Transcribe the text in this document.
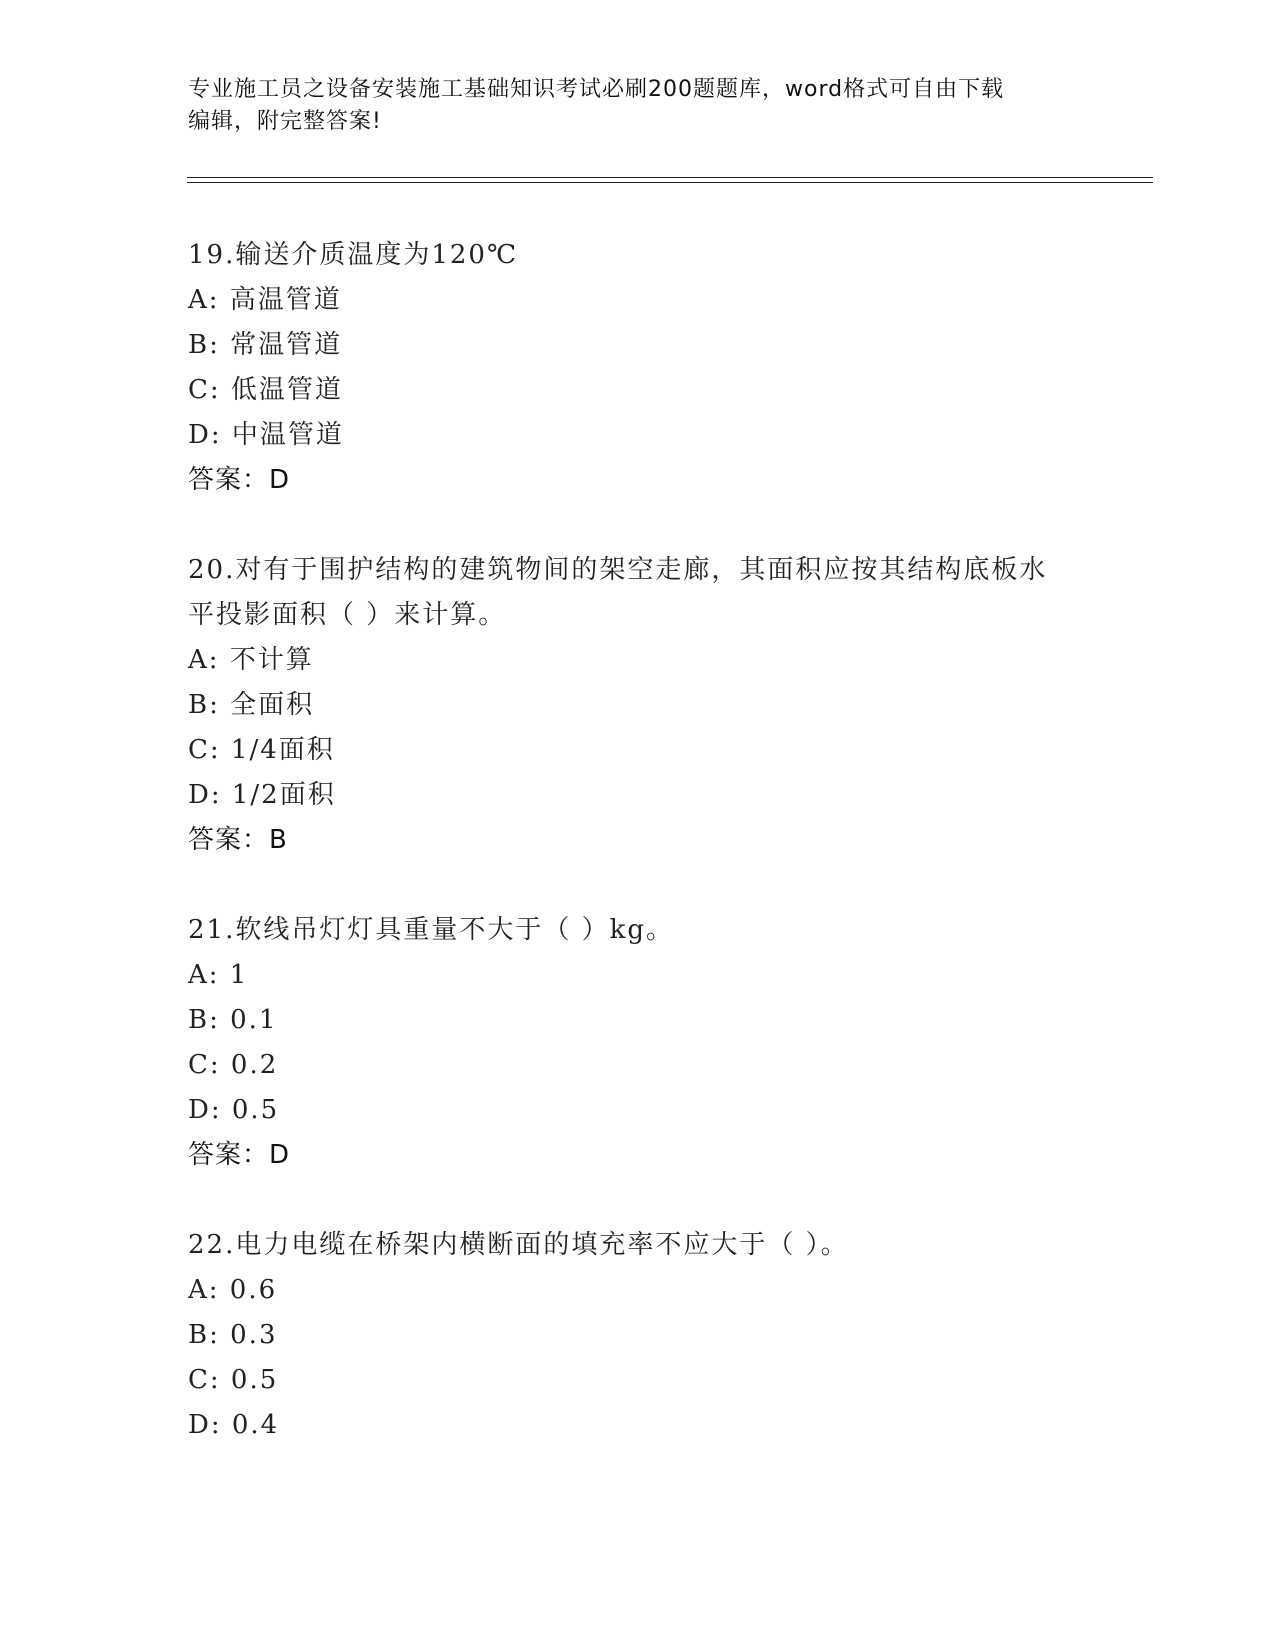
专业施工员之设备安装施工基础知识考试必刷200题题库，word格式可自由下载
编辑，附完整答案!
19.输送介质温度为120℃
A: 高温管道
B: 常温管道
C: 低温管道
D: 中温管道
答案：D
20.对有于围护结构的建筑物间的架空走廊，其面积应按其结构底板水
平投影面积（ ）来计算。
A: 不计算
B: 全面积
C: 1/4面积
D: 1/2面积
答案：B
21.软线吊灯灯具重量不大于（ ）kg。
A: 1
B: 0.1
C: 0.2
D: 0.5
答案：D
22.电力电缆在桥架内横断面的填充率不应大于（ ）。
A: 0.6
B: 0.3
C: 0.5
D: 0.4
